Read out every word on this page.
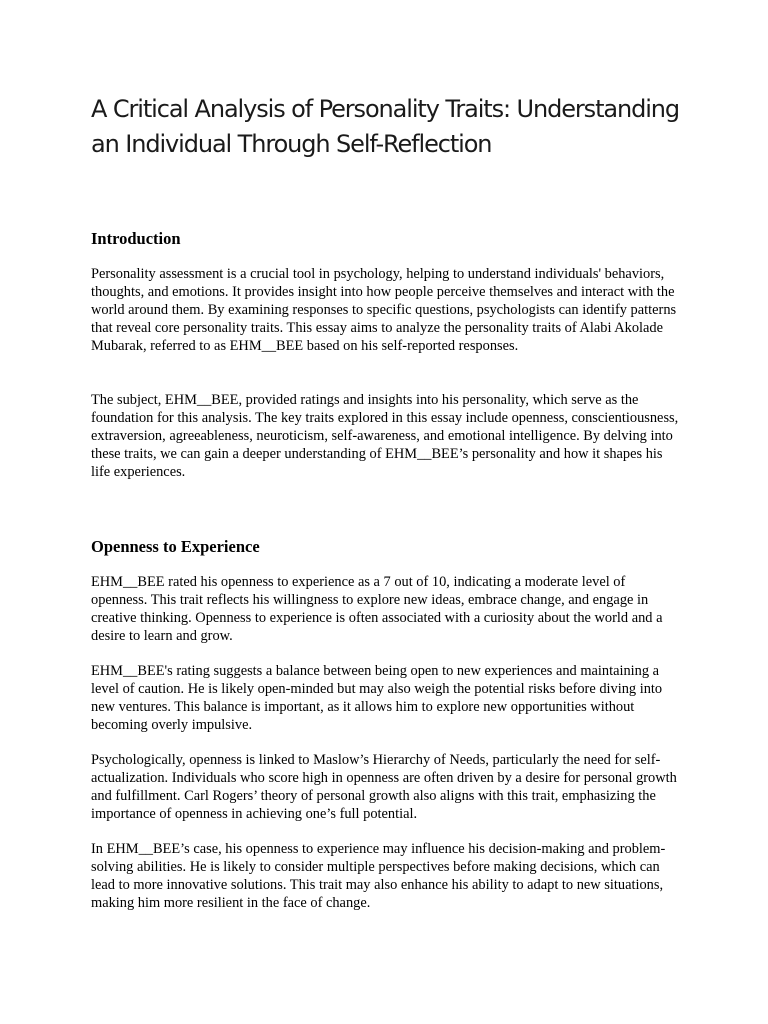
A Critical Analysis of Personality Traits: Understanding an Individual Through Self-Reflection
Introduction

Personality assessment is a crucial tool in psychology, helping to understand individuals' behaviors, thoughts, and emotions. It provides insight into how people perceive themselves and interact with the world around them. By examining responses to specific questions, psychologists can identify patterns that reveal core personality traits. This essay aims to analyze the personality traits of Alabi Akolade Mubarak, referred to as EHM__BEE based on his self-reported responses.

The subject, EHM__BEE, provided ratings and insights into his personality, which serve as the foundation for this analysis. The key traits explored in this essay include openness, conscientiousness, extraversion, agreeableness, neuroticism, self-awareness, and emotional intelligence. By delving into these traits, we can gain a deeper understanding of EHM__BEE’s personality and how it shapes his life experiences.

Openness to Experience

EHM__BEE rated his openness to experience as a 7 out of 10, indicating a moderate level of openness. This trait reflects his willingness to explore new ideas, embrace change, and engage in creative thinking. Openness to experience is often associated with a curiosity about the world and a desire to learn and grow.

EHM__BEE's rating suggests a balance between being open to new experiences and maintaining a level of caution. He is likely open-minded but may also weigh the potential risks before diving into new ventures. This balance is important, as it allows him to explore new opportunities without becoming overly impulsive.

Psychologically, openness is linked to Maslow’s Hierarchy of Needs, particularly the need for self-actualization. Individuals who score high in openness are often driven by a desire for personal growth and fulfillment. Carl Rogers’ theory of personal growth also aligns with this trait, emphasizing the importance of openness in achieving one’s full potential.

In EHM__BEE’s case, his openness to experience may influence his decision-making and problem-solving abilities. He is likely to consider multiple perspectives before making decisions, which can lead to more innovative solutions. This trait may also enhance his ability to adapt to new situations, making him more resilient in the face of change.
